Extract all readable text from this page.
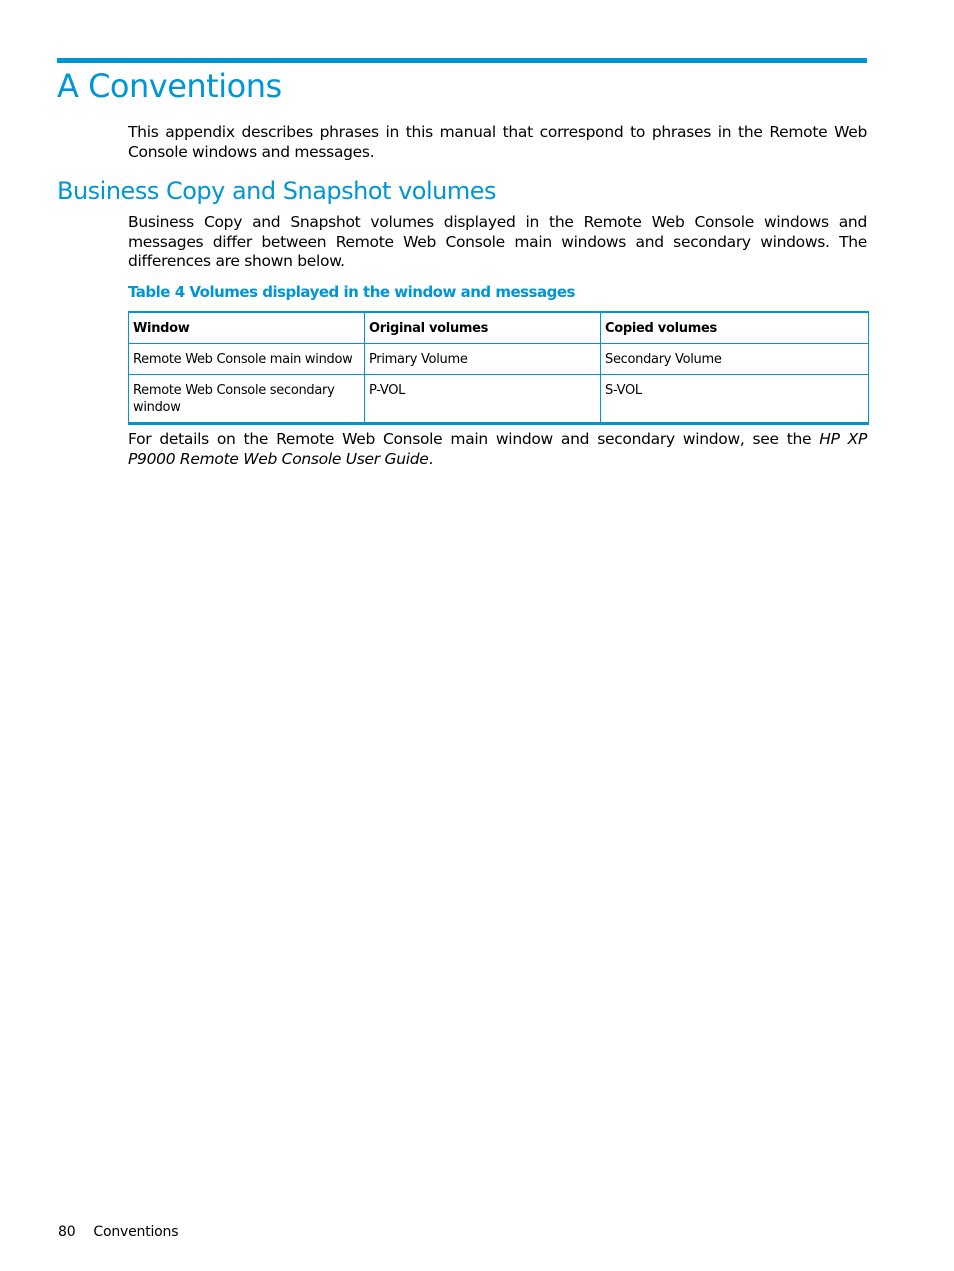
A Conventions

This appendix describes phrases in this manual that correspond to phrases in the Remote Web Console windows and messages.

Business Copy and Snapshot volumes

Business Copy and Snapshot volumes displayed in the Remote Web Console windows and messages differ between Remote Web Console main windows and secondary windows. The differences are shown below.

Table 4 Volumes displayed in the window and messages
Window	Original volumes	Copied volumes
Remote Web Console main window	Primary Volume	Secondary Volume
Remote Web Console secondary window	P-VOL	S-VOL

For details on the Remote Web Console main window and secondary window, see the HP XP P9000 Remote Web Console User Guide.

80 Conventions
